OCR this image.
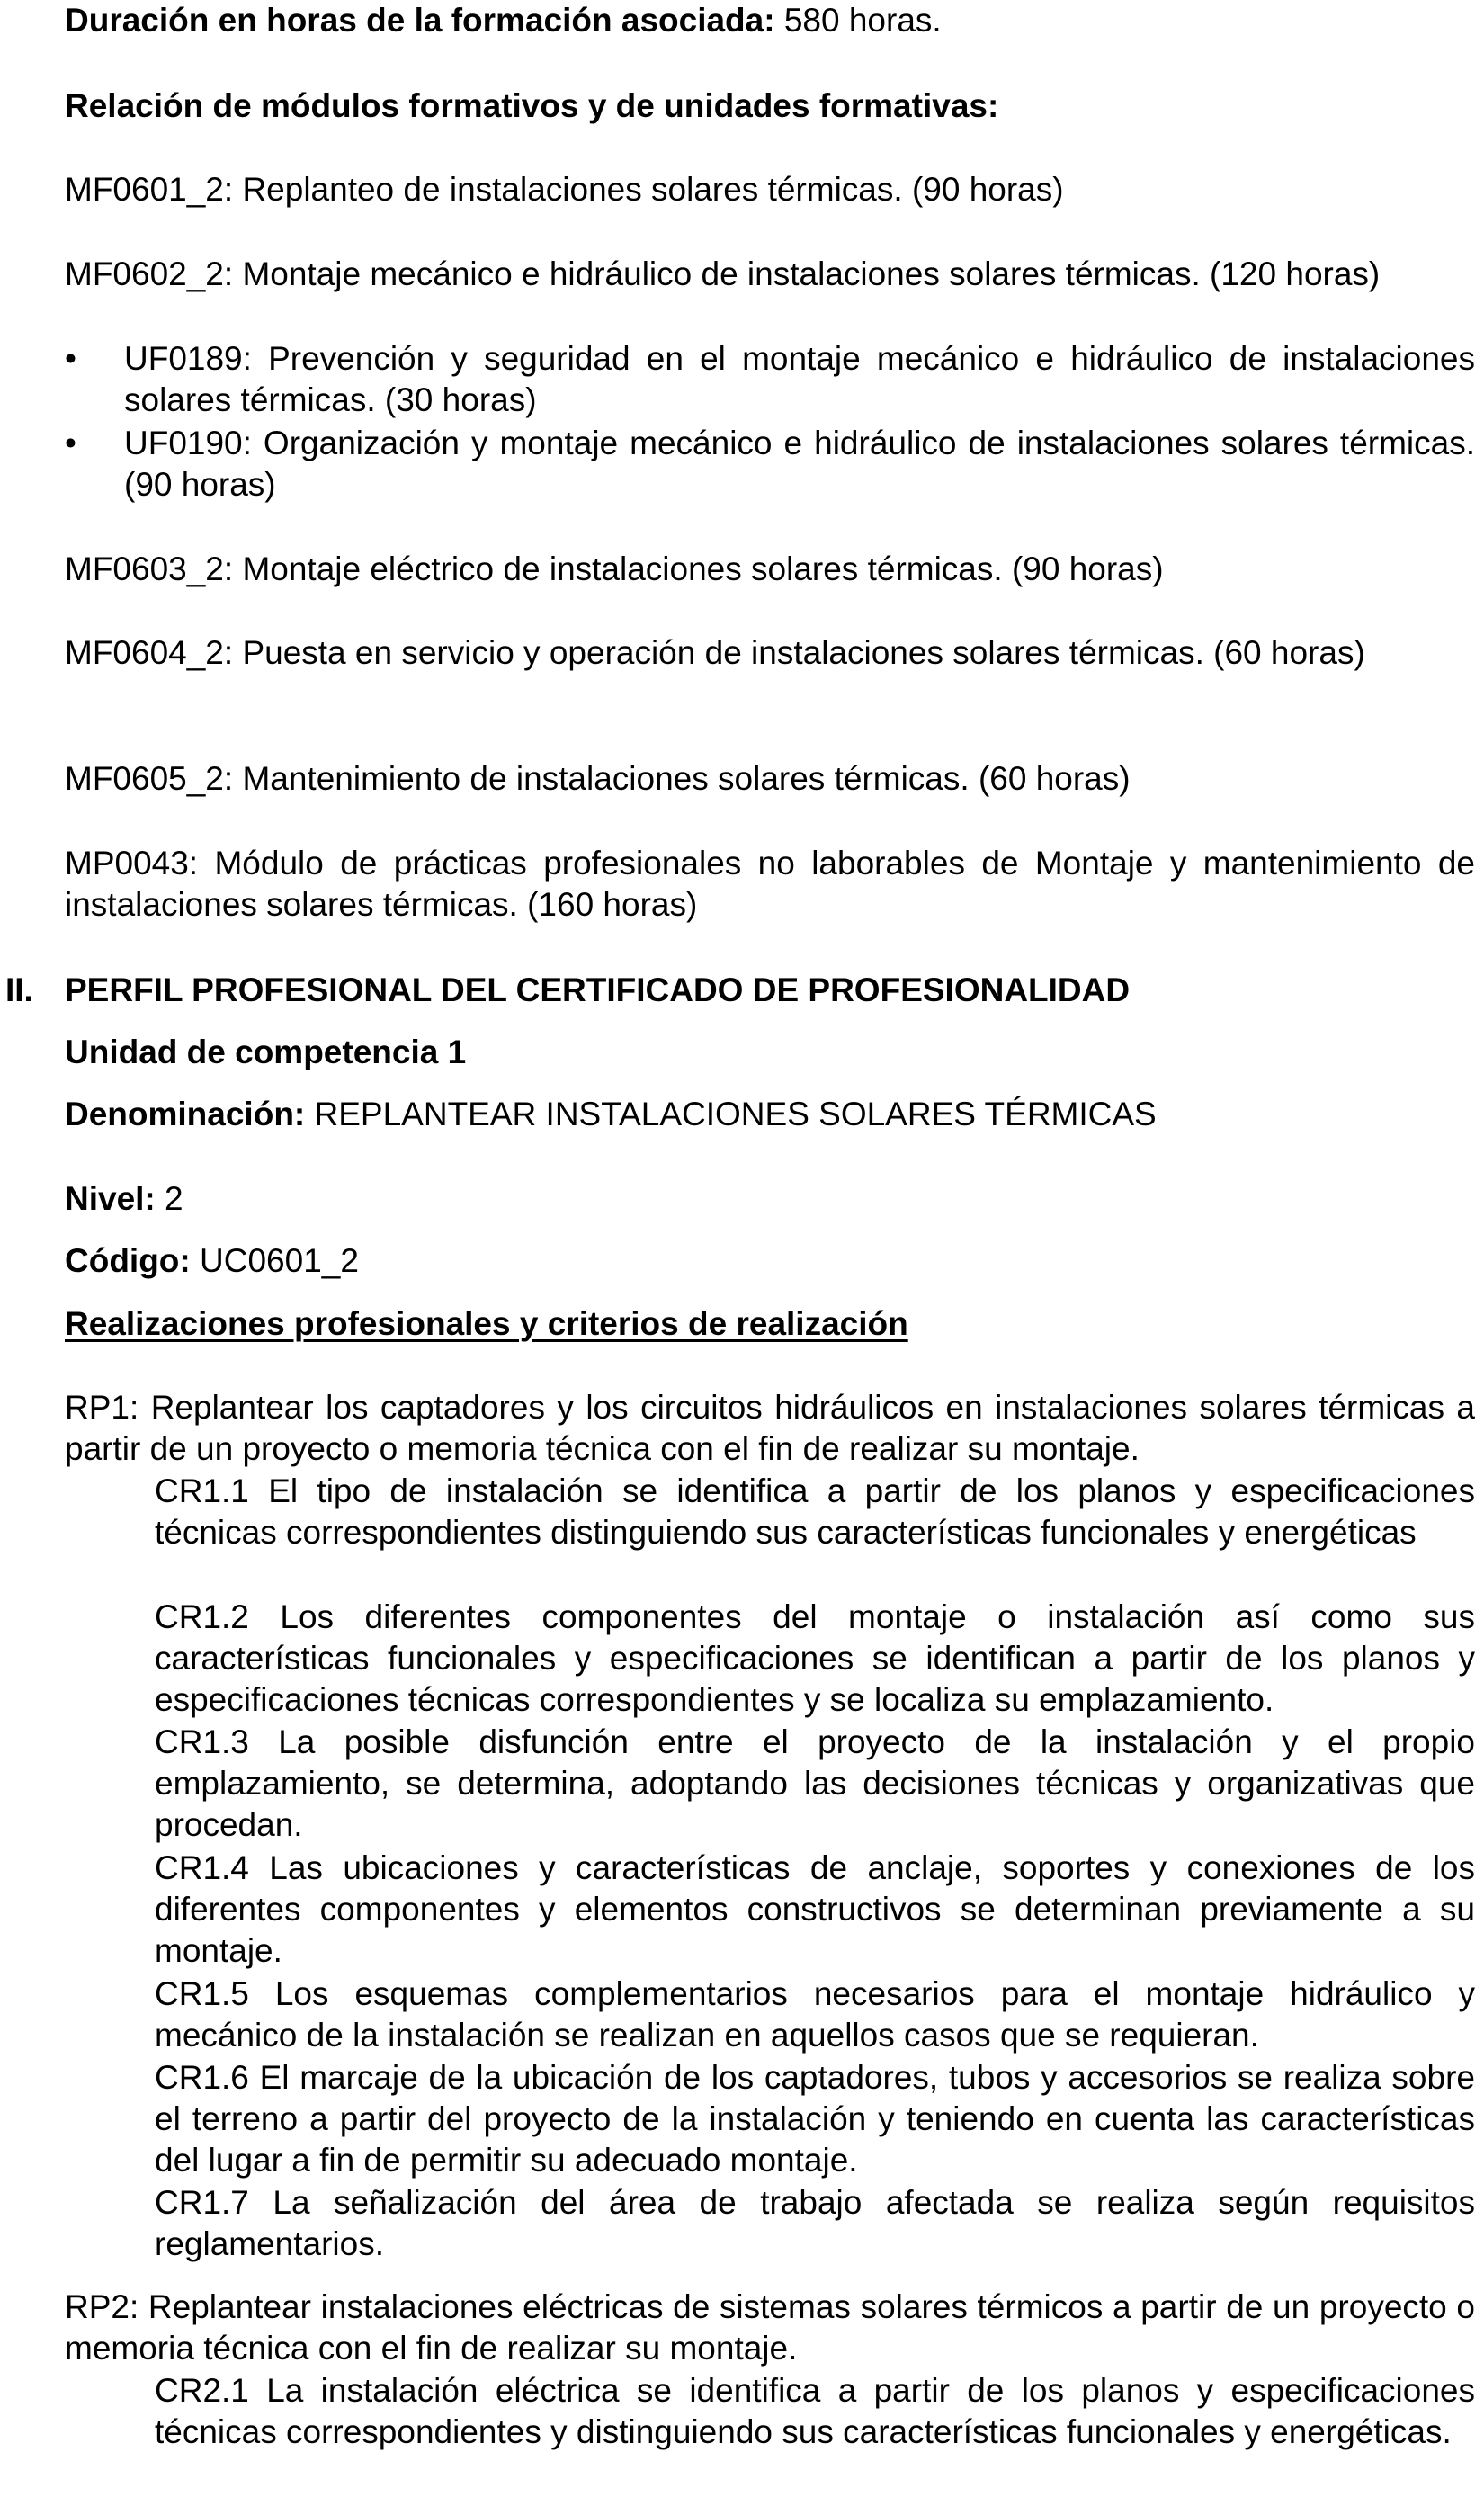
Duración en horas de la formación asociada: 580 horas.

Relación de módulos formativos y de unidades formativas:

MF0601_2: Replanteo de instalaciones solares térmicas. (90 horas)

MF0602_2: Montaje mecánico e hidráulico de instalaciones solares térmicas. (120 horas)

• UF0189: Prevención y seguridad en el montaje mecánico e hidráulico de instalaciones solares térmicas. (30 horas)

• UF0190: Organización y montaje mecánico e hidráulico de instalaciones solares térmicas. (90 horas)

MF0603_2: Montaje eléctrico de instalaciones solares térmicas. (90 horas)

MF0604_2: Puesta en servicio y operación de instalaciones solares térmicas. (60 horas)

MF0605_2: Mantenimiento de instalaciones solares térmicas. (60 horas)

MP0043: Módulo de prácticas profesionales no laborables de Montaje y mantenimiento de instalaciones solares térmicas. (160 horas)

II. PERFIL PROFESIONAL DEL CERTIFICADO DE PROFESIONALIDAD

Unidad de competencia 1

Denominación: REPLANTEAR INSTALACIONES SOLARES TÉRMICAS

Nivel: 2

Código: UC0601_2

Realizaciones profesionales y criterios de realización

RP1: Replantear los captadores y los circuitos hidráulicos en instalaciones solares térmicas a partir de un proyecto o memoria técnica con el fin de realizar su montaje.

CR1.1 El tipo de instalación se identifica a partir de los planos y especificaciones técnicas correspondientes distinguiendo sus características funcionales y energéticas

CR1.2 Los diferentes componentes del montaje o instalación así como sus características funcionales y especificaciones se identifican a partir de los planos y especificaciones técnicas correspondientes y se localiza su emplazamiento.

CR1.3 La posible disfunción entre el proyecto de la instalación y el propio emplazamiento, se determina, adoptando las decisiones técnicas y organizativas que procedan.

CR1.4 Las ubicaciones y características de anclaje, soportes y conexiones de los diferentes componentes y elementos constructivos se determinan previamente a su montaje.

CR1.5 Los esquemas complementarios necesarios para el montaje hidráulico y mecánico de la instalación se realizan en aquellos casos que se requieran.

CR1.6 El marcaje de la ubicación de los captadores, tubos y accesorios se realiza sobre el terreno a partir del proyecto de la instalación y teniendo en cuenta las características del lugar a fin de permitir su adecuado montaje.

CR1.7 La señalización del área de trabajo afectada se realiza según requisitos reglamentarios.

RP2: Replantear instalaciones eléctricas de sistemas solares térmicos a partir de un proyecto o memoria técnica con el fin de realizar su montaje.

CR2.1 La instalación eléctrica se identifica a partir de los planos y especificaciones técnicas correspondientes y distinguiendo sus características funcionales y energéticas.
